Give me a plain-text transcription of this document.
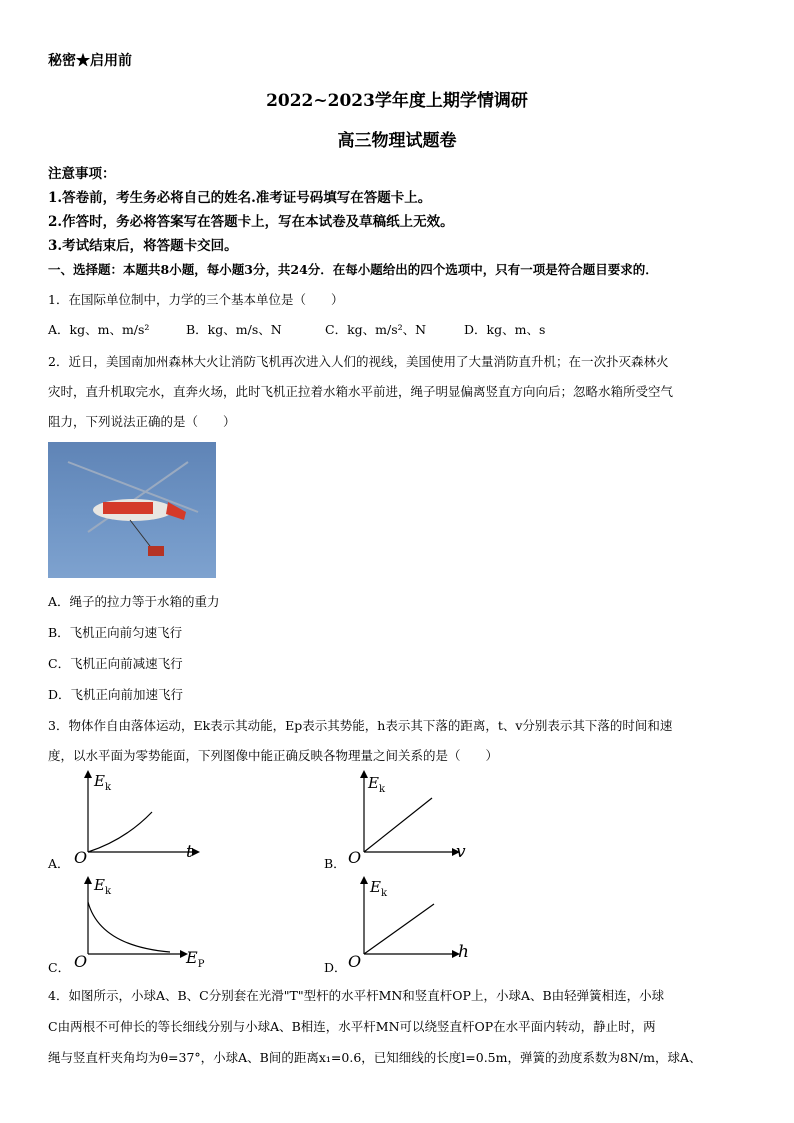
秘密★启用前
2022~2023学年度上期学情调研
高三物理试题卷
注意事项：
1.答卷前，考生务必将自己的姓名.准考证号码填写在答题卡上。
2.作答时，务必将答案写在答题卡上，写在本试卷及草稿纸上无效。
3.考试结束后，将答题卡交回。
一、选择题：本题共8小题，每小题3分，共24分．在每小题给出的四个选项中，只有一项是符合题目要求的．
1．在国际单位制中，力学的三个基本单位是（　　）
A．kg、m、m/s²	B．kg、m/s、N	C．kg、m/s²、N	D．kg、m、s
2．近日，美国南加州森林大火让消防飞机再次进入人们的视线，美国使用了大量消防直升机；在一次扑灭森林火
灾时，直升机取完水，直奔火场，此时飞机正拉着水箱水平前进，绳子明显偏离竖直方向向后；忽略水箱所受空气
阻力，下列说法正确的是（　　）
A．绳子的拉力等于水箱的重力
B．飞机正向前匀速飞行
C．飞机正向前减速飞行
D．飞机正向前加速飞行
3．物体作自由落体运动，Ek表示其动能，Ep表示其势能，h表示其下落的距离，t、v分别表示其下落的时间和速
度，以水平面为零势能面，下列图像中能正确反映各物理量之间关系的是（　　）
A．
$E_k$
O	t
B．
$E_k$
O	v
C．
$E_k$
O	$E_P$	D．
$E_k$
O	h
4．如图所示，小球A、B、C分别套在光滑"T"型杆的水平杆MN和竖直杆OP上，小球A、B由轻弹簧相连，小球
C由两根不可伸长的等长细线分别与小球A、B相连，水平杆MN可以绕竖直杆OP在水平面内转动，静止时，两
绳与竖直杆夹角均为θ=37°，小球A、B间的距离x₁=0.6，已知细线的长度l=0.5m，弹簧的劲度系数为8N/m，球A、
